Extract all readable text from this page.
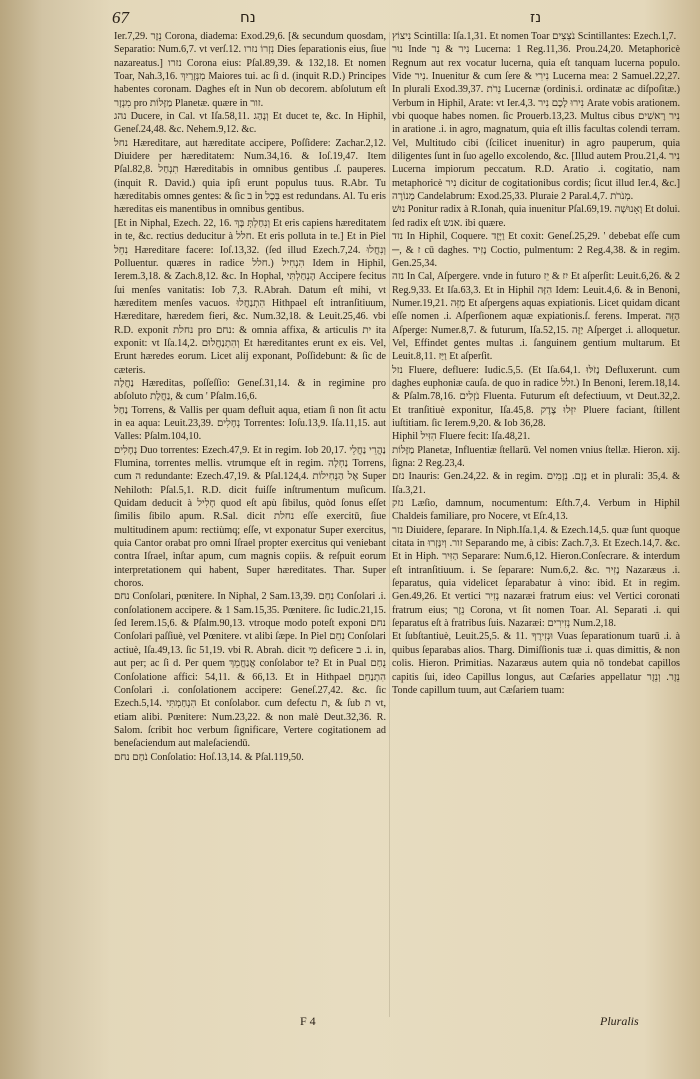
67	נח	נז

Ier.7,29. נֵזֶר Corona, diadema: Exod.29,6. [& secundum quosdam, Separatio: Num.6,7. vt verſ.12. נִזְרוֹ נזרו Dies ſeparationis eius, ſiue nazareatus.] נזרו Corona eius: Pſal.89,39. & 132,18. Et nomen Toar, Nah.3,16. מִנְּזָרַיִךְ Maiores tui. ac ſi d. (inquit R.D.) Principes habentes coronam. Daghes eſt in Nun ob decorem. abſolutum eſt מִנְזָר pro מַזָּלוֹת Planetæ. quære in זור.

נהג Ducere, in Cal. vt Iſa.58,11. וְנָהַג Et ducet te, &c. In Hiphil, Geneſ.24,48. &c. Nehem.9,12. &c.

נחל Hæreditare, aut hæreditate accipere, Poſſidere: Zachar.2,12. Diuidere per hæreditatem: Num.34,16. & Ioſ.19,47. Item Pſal.82,8. תִנְחַל Hæreditabis in omnibus gentibus .ſ. pauperes. (inquit R. David.) quia ipſi erunt populus tuus. R.Abr. Tu hæreditabis omnes gentes: & ſic ב in בְּכָל est redundans. Al. Tu eris hæreditas eis manentibus in omnibus gentibus.

[Et in Niphal, Ezech. 22, 16. וְנִחַלְתְּ בָּךְ Et eris capiens hæreditatem in te, &c. rectius deducitur à חלל. Et eris polluta in te.] Et in Piel נִחֵל Hæreditare facere: Ioſ.13,32. (ſed illud Ezech.7,24. וְנִחֲלוּ Polluentur. quæres in radice חלל.) הִנְחִיל Idem in Hiphil, Ierem.3,18. & Zach.8,12. &c. In Hophal, הָנְחַלְתִּי Accipere fecitus ſui menſes vanitatis: Iob 7,3. R.Abrah. Datum eſt mihi, vt hæreditem menſes vacuos. הִתְנַחֲלוּ Hithpael eſt intranſitiuum, Hæreditare, hæredem fieri, &c. Num.32,18. & Leuit.25,46. vbi R.D. exponit נחלת pro נחם: & omnia affixa, & articulis ית ita exponit: vt Iſa.14,2. וְהִתְנַחֲלוּם Et hæreditantes erunt ex eis. Vel, Erunt hæredes eorum. Licet alij exponant, Poſſidebunt: & ſic de cæteris.

נַחֲלָה Hæreditas, poſſeſſio: Geneſ.31,14. & in regimine pro abſoluto נַחֲלָת, & cum ' Pſalm.16,6.

נַחַל Torrens, & Vallis per quam defluit aqua, etiam ſi non ſit actu in ea aqua: Leuit.23,39. נְחָלִים Torrentes: Ioſu.13,9. Iſa.11,15. aut Valles: Pſalm.104,10.

נְחָלִים Duo torrentes: Ezech.47,9. Et in regim. Iob 20,17. נַהֲרֵי נַחֲלֵי Flumina, torrentes mellis. vtrumque eſt in regim. נַחְלָה Torrens, cum ה redundante: Ezech.47,19. & Pſal.124,4. אֶל הַנְּחִילוֹת Super Nehiloth: Pſal.5,1. R.D. dicit fuiſſe inſtrumentum muſicum. Quidam deducit à חָלִיל quod eſt apù ſibilus, quòd ſonus eſſet ſimilis ſibilo apum. R.Sal. dicit נחלת eſſe exercitū, ſiue multitudinem apum: rectiùmq; eſſe, vt exponatur Super exercitus, quia Cantor orabat pro omni Iſrael propter exercitus qui veniebant contra Iſrael, inſtar apum, cum magnis copiis. & reſpuit eorum interpretationem qui habent, Super hæreditates. Thar. Super choros.

נחם Conſolari, pœnitere. In Niphal, 2 Sam.13,39. נִחַם Conſolari .i. conſolationem accipere. & 1 Sam.15,35. Pœnitere. ſic Iudic.21,15. ſed Ierem.15,6. & Pſalm.90,13. vtroque modo poteſt exponi נחם Conſolari paſſiuè, vel Pœnitere. vt alibi ſæpe. In Piel נִחֵם Conſolari actiuè, Iſa.49,13. ſic 51,19. vbi R. Abrah. dicit מִי deficere ב .i. in, aut per; ac ſi d. Per quem אֲנַחֲמֵךְ conſolabor te? Et in Pual נֻחַם Conſolatione affici: 54,11. & 66,13. Et in Hithpael הִתְנַחֵם Conſolari .i. conſolationem accipere: Geneſ.27,42. &c. ſic Ezech.5,14. הִנְחַמְתִּי Et conſolabor. cum defectu ת, & ſub ת vt, etiam alibi. Pœnitere: Num.23,22. & non malè Deut.32,36. R. Salom. ſcribit hoc verbum ſignificare, Vertere cogitationem ad beneſaciendum aut maleſaciendū.

נֹחַם נחם Conſolatio: Hoſ.13,14. & Pſal.119,50.

נִיצוֹץ Scintilla: Iſa.1,31. Et nomen Toar נֹצְצִים Scintillantes: Ezech.1,7.

נוּר Inde נִיר & נֵר Lucerna: 1 Reg.11,36. Prou.24,20. Metaphoricè Regnum aut rex vocatur lucerna, quia eſt tanquam lucerna populo. Vide נִיר. Inuenitur & cum ſere & נִירִי Lucerna mea: 2 Samuel.22,27. In plurali Exod.39,37. נֵרֹת Lucernæ (ordinis.i. ordinatæ ac diſpoſitæ.) Verbum in Hiphil, Arate: vt Ier.4,3. נִירוּ לָכֶם נִיר Arate vobis arationem. vbi quoque habes nomen. ſic Prouerb.13,23. Multus cibus נִיר רָאשִׁים in aratione .i. in agro, magnatum, quia eſt illis facultas colendi terram. Vel, Multitudo cibi (ſcilicet inuenitur) in agro pauperum, quia diligentes ſunt in ſuo agello excolendo, &c. [Illud autem Prou.21,4. נִיר Lucerna impiorum peccatum. R.D. Aratio .i. cogitatio, nam metaphoricè נִיר dicitur de cogitationibus cordis; ſicut illud Ier.4, &c.] מְנוֹרָה Candelabrum: Exod.25,33. Pluraie 2 Paral.4,7. מְנֹרֹת.

נוּשׁ Ponitur radix à R.Ionah, quia inuenitur Pſal.69,19. וָאָנוּשָׁה Et dolui. ſed radix eſt אנש. ibi quære.

נזד In Hiphil, Coquere. וַיָּזֶד Et coxit: Geneſ.25,29. ' debebat eſſe cum ─, & ז cū daghes. נָזִיד Coctio, pulmentum: 2 Reg.4,38. & in regim. Gen.25,34.

נזה In Cal, Aſpergere. vnde in futuro יִז & יֵז Et aſperſit: Leuit.6,26. & 2 Reg.9,33. Et Iſa.63,3. Et in Hiphil הִזָּה Idem: Leuit.4,6. & in Benoni, Numer.19,21. מַזֵּה Et aſpergens aquas expiationis. Licet quidam dicant eſſe nomen .i. Aſperſionem aquæ expiationis.ſ. ferens. Imperat. הַזֵּה Aſperge: Numer.8,7. & futurum, Iſa.52,15. יַזֶּה Aſperget .i. alloquetur. Vel, Effindet gentes multas .i. ſanguinem gentium multarum. Et Leuit.8,11. וַיַּז Et aſperſit.

נזל Fluere, defluere: Iudic.5,5. (Et Iſa.64,1. נָזֹלּוּ Defluxerunt. cum daghes euphoniæ cauſa. de quo in radice זלל.) In Benoni, Ierem.18,14. & Pſalm.78,16. נֹזְלִים Fluenta. Futurum eſt defectiuum, vt Deut.32,2. Et tranſitiuè exponitur, Iſa.45,8. יִזְּלוּ צֶדֶק Pluere faciant, ſtillent iuſtitiam. ſic Ierem.9,20. & Iob 36,28.

Hiphil הִזִּיל Fluere fecit: Iſa.48,21.

מַזָּלוֹת Planetæ, Influentiæ ſtellarū. Vel nomen vnius ſtellæ. Hieron. xij. ſigna: 2 Reg.23,4.

נזם Inauris: Gen.24,22. & in regim. נֶזֶם. נְזָמִים et in plurali: 35,4. & Iſa.3,21.

נזק Læſio, damnum, nocumentum: Eſth.7,4. Verbum in Hiphil Chaldeis familiare, pro Nocere, vt Eſr.4,13.

נזר Diuidere, ſeparare. In Niph.Iſa.1,4. & Ezech.14,5. quæ ſunt quoque citata in זור. וְיִנָּזְרוּ Separando me, à cibis: Zach.7,3. Et Ezech.14,7. &c. Et in Hiph. הַזִּיר Separare: Num.6,12. Hieron.Conſecrare. & interdum eſt intranſitiuum. i. Se ſeparare: Num.6,2. &c. נָזִיר Nazaræus .i. ſeparatus, quia videlicet ſeparabatur à vino: ibid. Et in regim. Gen.49,26. Et vertici נְזִיר nazaræi fratrum eius: vel Vertici coronati fratrum eius; נֵזֶר Corona, vt ſit nomen Toar. Al. Separati .i. qui ſeparatus eſt à fratribus ſuis. Nazaræi: נְזִירִים Num.2,18.

Et ſubſtantiuè, Leuit.25,5. & 11. וּנְזִירֶךָ Vuas ſeparationum tuarū .i. à quibus ſeparabas alios. Tharg. Dimiſſionis tuæ .i. quas dimittis, & non colis. Hieron. Primitias. Nazaræus autem quia nō tondebat capillos capitis ſui, ideo Capillus longus, aut Cæſaries appellatur נֵזֶר. וְנֵזֶר Tonde capillum tuum, aut Cæſariem tuam:

F 4	Pluralis
